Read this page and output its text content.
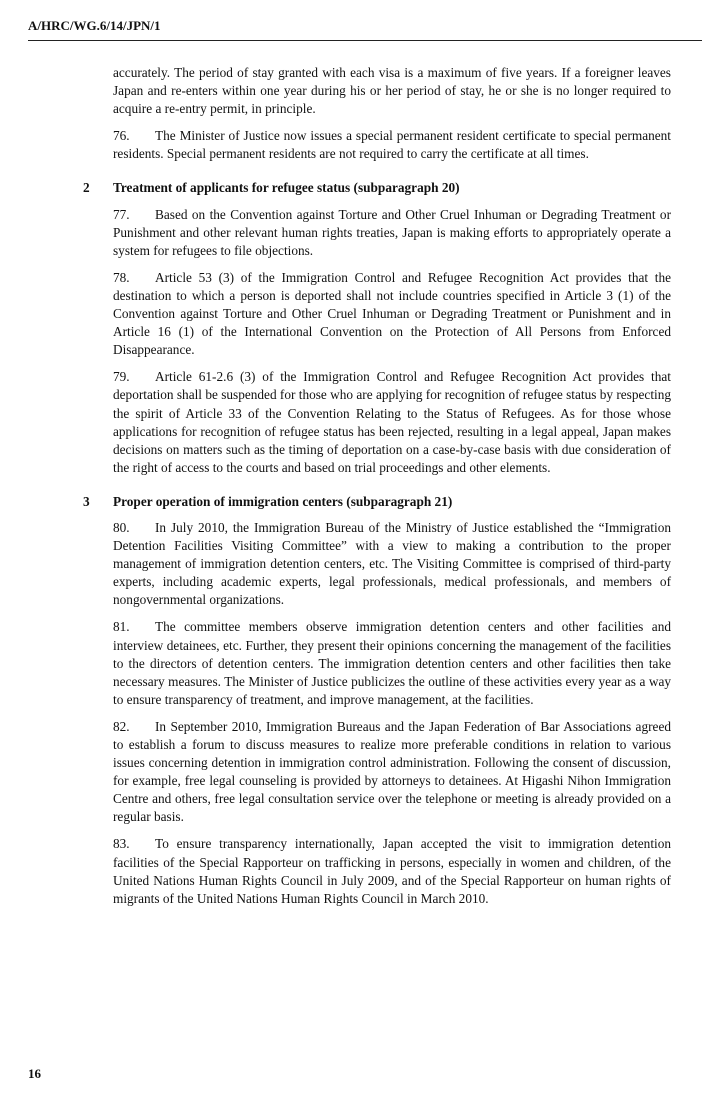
A/HRC/WG.6/14/JPN/1

accurately. The period of stay granted with each visa is a maximum of five years. If a foreigner leaves Japan and re-enters within one year during his or her period of stay, he or she is no longer required to acquire a re-entry permit, in principle.

76. The Minister of Justice now issues a special permanent resident certificate to special permanent residents. Special permanent residents are not required to carry the certificate at all times.

2 Treatment of applicants for refugee status (subparagraph 20)

77. Based on the Convention against Torture and Other Cruel Inhuman or Degrading Treatment or Punishment and other relevant human rights treaties, Japan is making efforts to appropriately operate a system for refugees to file objections.

78. Article 53 (3) of the Immigration Control and Refugee Recognition Act provides that the destination to which a person is deported shall not include countries specified in Article 3 (1) of the Convention against Torture and Other Cruel Inhuman or Degrading Treatment or Punishment and in Article 16 (1) of the International Convention on the Protection of All Persons from Enforced Disappearance.

79. Article 61-2.6 (3) of the Immigration Control and Refugee Recognition Act provides that deportation shall be suspended for those who are applying for recognition of refugee status by respecting the spirit of Article 33 of the Convention Relating to the Status of Refugees. As for those whose applications for recognition of refugee status has been rejected, resulting in a legal appeal, Japan makes decisions on matters such as the timing of deportation on a case-by-case basis with due consideration of the right of access to the courts and based on trial proceedings and other elements.

3 Proper operation of immigration centers (subparagraph 21)

80. In July 2010, the Immigration Bureau of the Ministry of Justice established the “Immigration Detention Facilities Visiting Committee” with a view to making a contribution to the proper management of immigration detention centers, etc. The Visiting Committee is comprised of third-party experts, including academic experts, legal professionals, medical professionals, and members of nongovernmental organizations.

81. The committee members observe immigration detention centers and other facilities and interview detainees, etc. Further, they present their opinions concerning the management of the facilities to the directors of detention centers. The immigration detention centers and other facilities then take necessary measures. The Minister of Justice publicizes the outline of these activities every year as a way to ensure transparency of treatment, and improve management, at the facilities.

82. In September 2010, Immigration Bureaus and the Japan Federation of Bar Associations agreed to establish a forum to discuss measures to realize more preferable conditions in relation to various issues concerning detention in immigration control administration. Following the consent of discussion, for example, free legal counseling is provided by attorneys to detainees. At Higashi Nihon Immigration Centre and others, free legal consultation service over the telephone or meeting is already provided on a regular basis.

83. To ensure transparency internationally, Japan accepted the visit to immigration detention facilities of the Special Rapporteur on trafficking in persons, especially in women and children, of the United Nations Human Rights Council in July 2009, and of the Special Rapporteur on human rights of migrants of the United Nations Human Rights Council in March 2010.

16
